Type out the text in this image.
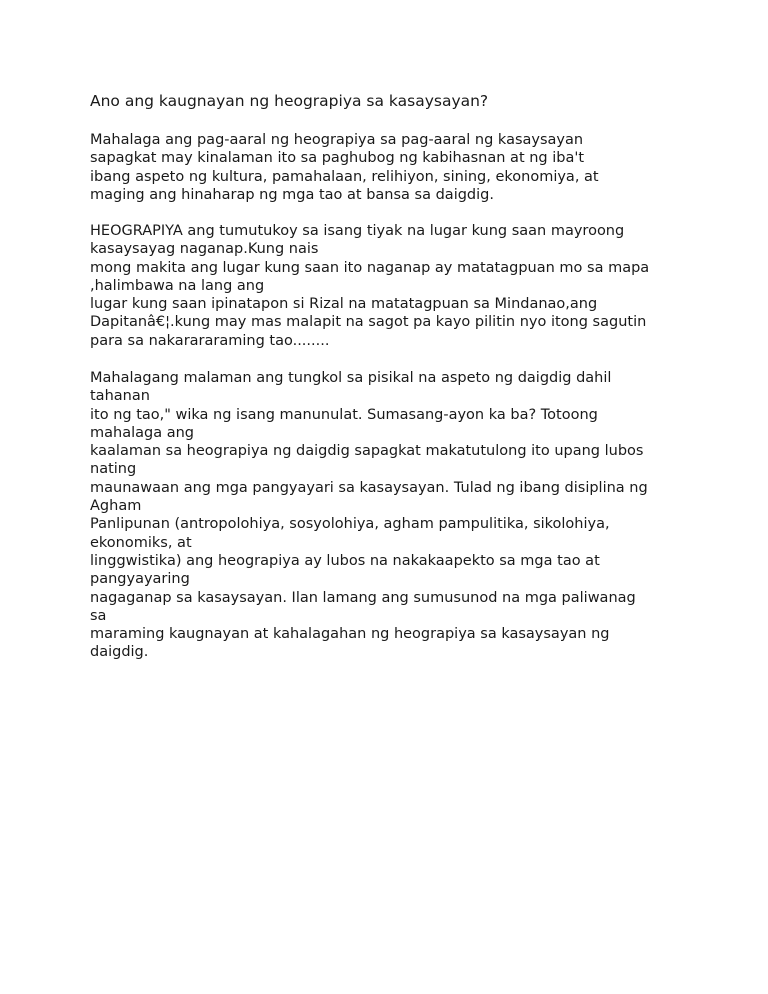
Ano ang kaugnayan ng heograpiya sa kasaysayan?

Mahalaga ang pag-aaral ng heograpiya sa pag-aaral ng kasaysayan
sapagkat may kinalaman ito sa paghubog ng kabihasnan at ng iba't
ibang aspeto ng kultura, pamahalaan, relihiyon, sining, ekonomiya, at
maging ang hinaharap ng mga tao at bansa sa daigdig.

HEOGRAPIYA ang tumutukoy sa isang tiyak na lugar kung saan mayroong
kasaysayag naganap.Kung nais
mong makita ang lugar kung saan ito naganap ay matatagpuan mo sa mapa
,halimbawa na lang ang
lugar kung saan ipinatapon si Rizal na matatagpuan sa Mindanao,ang
Dapitanâ€¦.kung may mas malapit na sagot pa kayo pilitin nyo itong sagutin
para sa nakarararaming tao........

Mahalagang malaman ang tungkol sa pisikal na aspeto ng daigdig dahil
tahanan
ito ng tao," wika ng isang manunulat. Sumasang-ayon ka ba? Totoong
mahalaga ang
kaalaman sa heograpiya ng daigdig sapagkat makatutulong ito upang lubos
nating
maunawaan ang mga pangyayari sa kasaysayan. Tulad ng ibang disiplina ng
Agham
Panlipunan (antropolohiya, sosyolohiya, agham pampulitika, sikolohiya,
ekonomiks, at
linggwistika) ang heograpiya ay lubos na nakakaapekto sa mga tao at
pangyayaring
nagaganap sa kasaysayan. Ilan lamang ang sumusunod na mga paliwanag
sa
maraming kaugnayan at kahalagahan ng heograpiya sa kasaysayan ng
daigdig.
